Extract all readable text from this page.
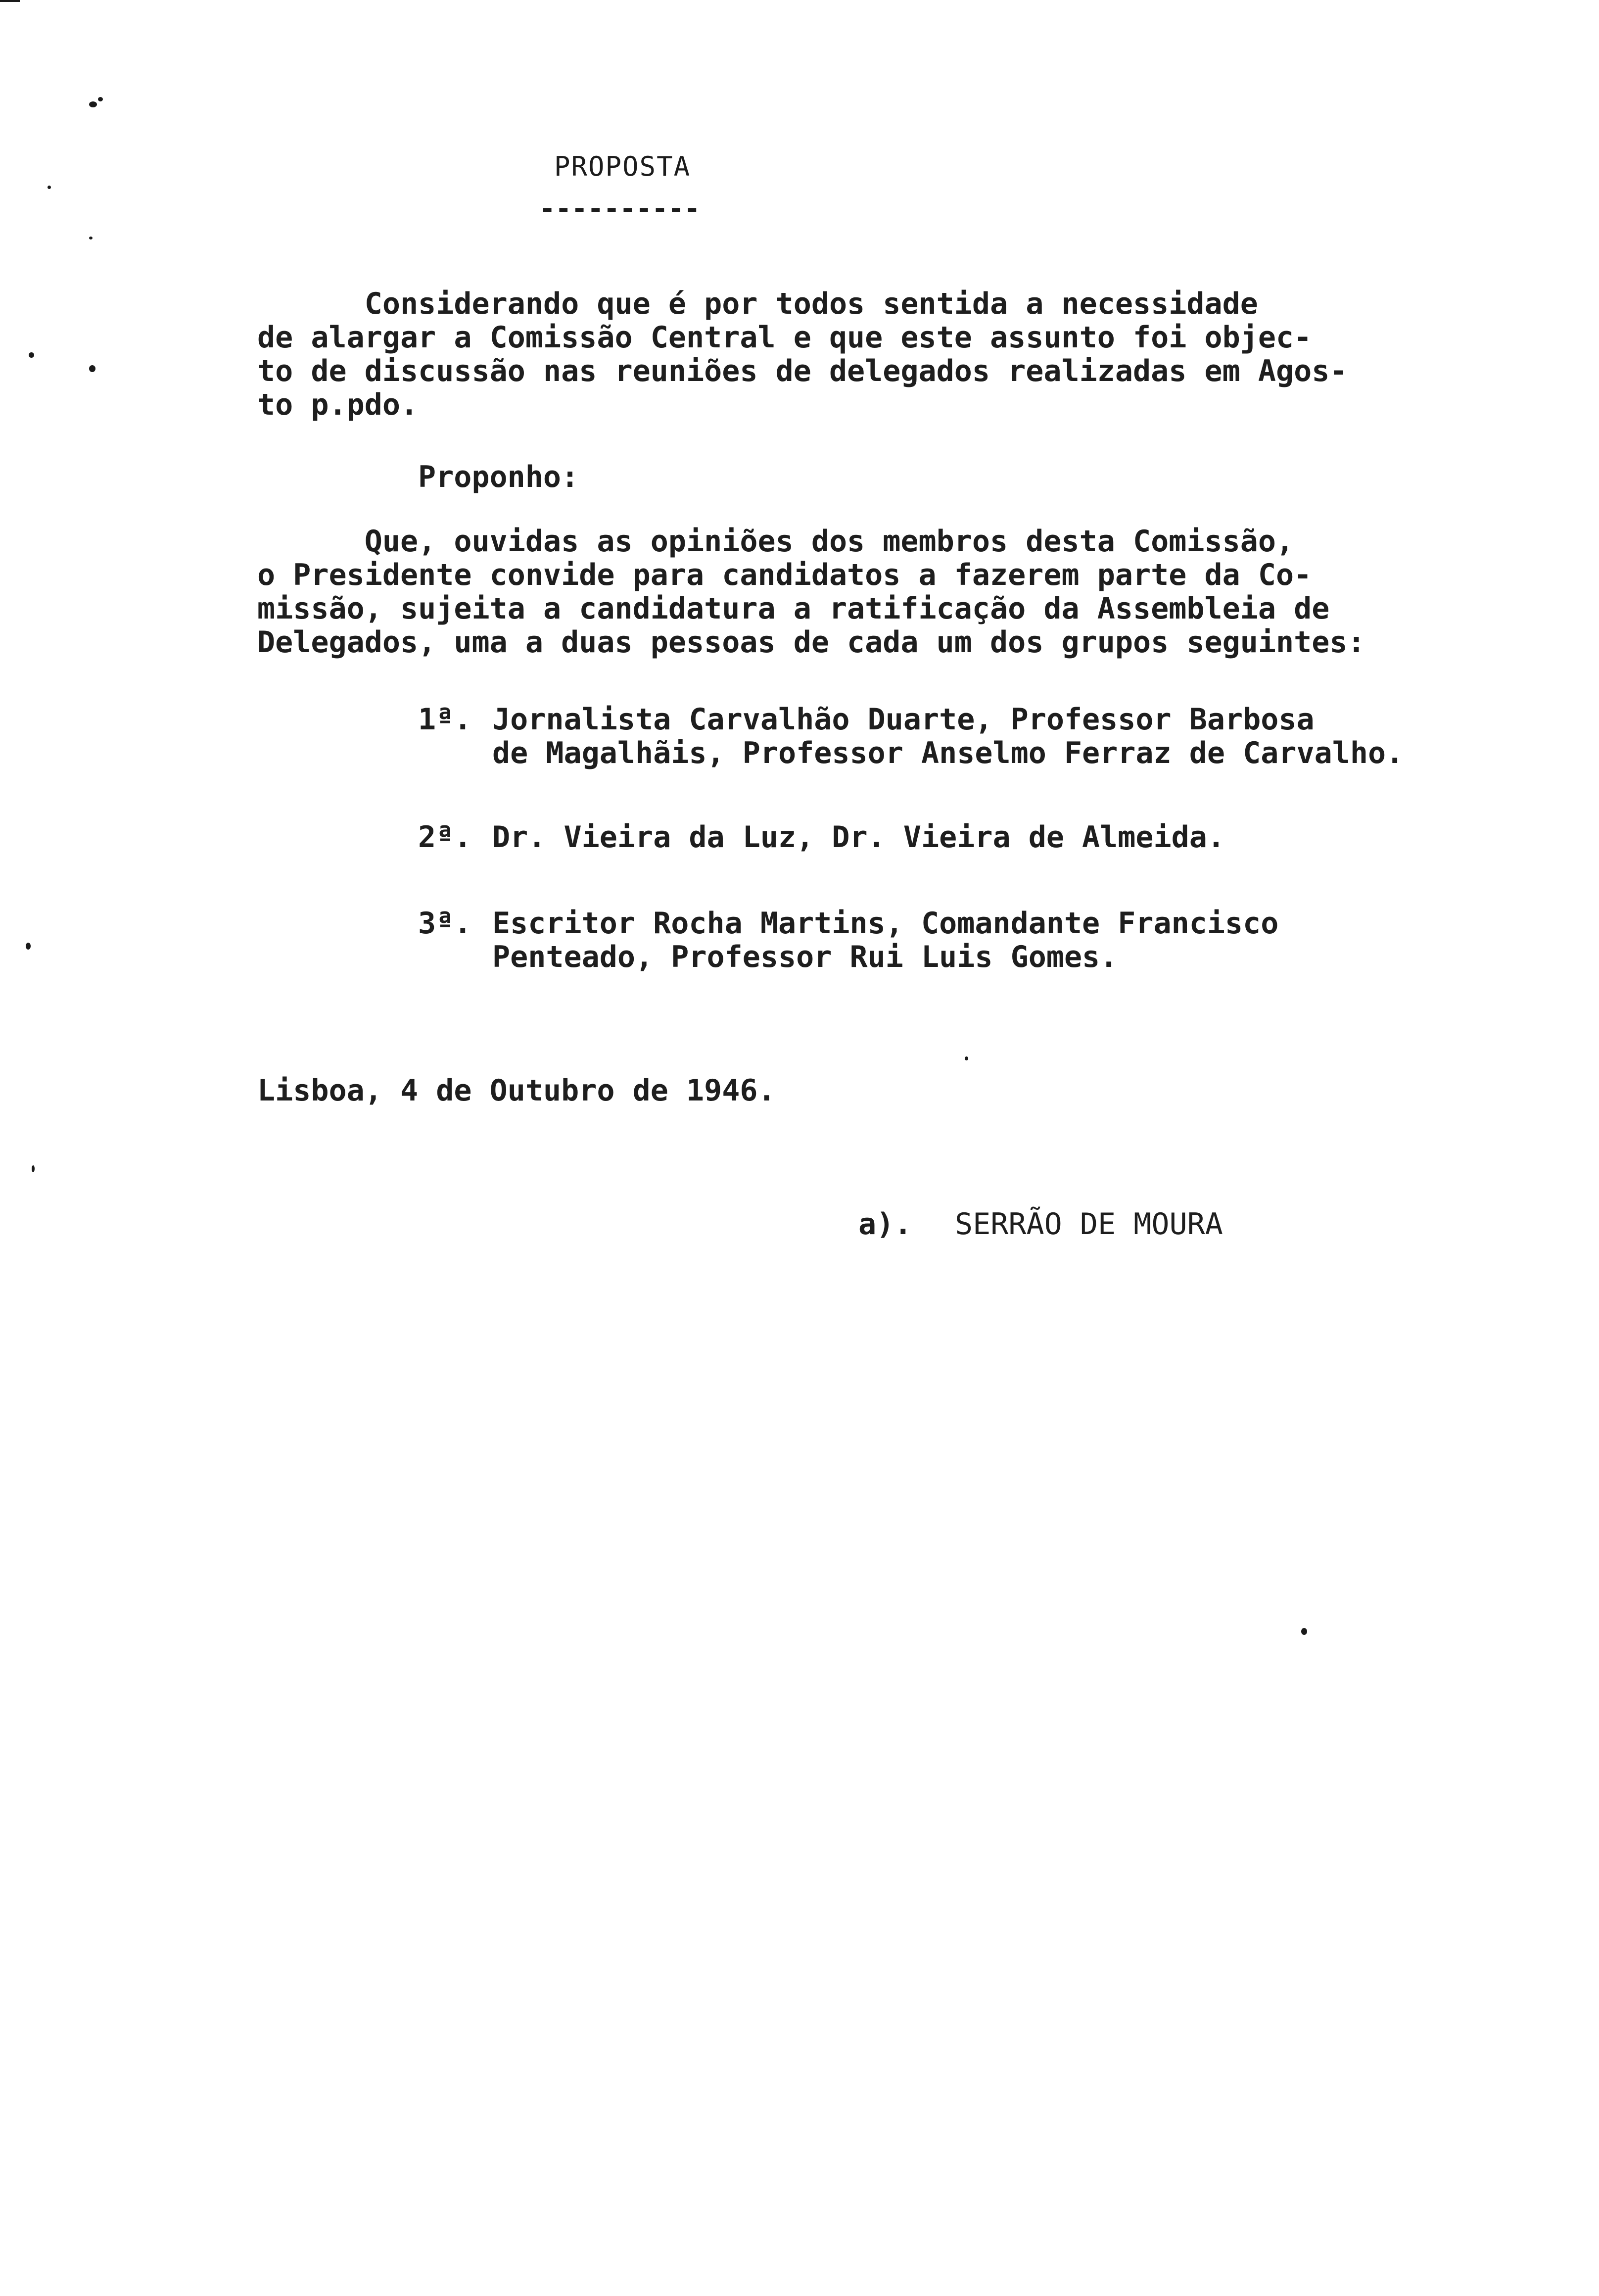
PROPOSTA
----------
Considerando que é por todos sentida a necessidade
de alargar a Comissão Central e que este assunto foi objec-
to de discussão nas reuniões de delegados realizadas em Agos-
to p.pdo.
Proponho:
Que, ouvidas as opiniões dos membros desta Comissão,
o Presidente convide para candidatos a fazerem parte da Co-
missão, sujeita a candidatura a ratificação da Assembleia de
Delegados, uma a duas pessoas de cada um dos grupos seguintes:
1ª. Jornalista Carvalhão Duarte, Professor Barbosa
de Magalhãis, Professor Anselmo Ferraz de Carvalho.
2ª. Dr. Vieira da Luz, Dr. Vieira de Almeida.
3ª. Escritor Rocha Martins, Comandante Francisco
Penteado, Professor Rui Luis Gomes.
Lisboa, 4 de Outubro de 1946.
a). SERRÃO DE MOURA
